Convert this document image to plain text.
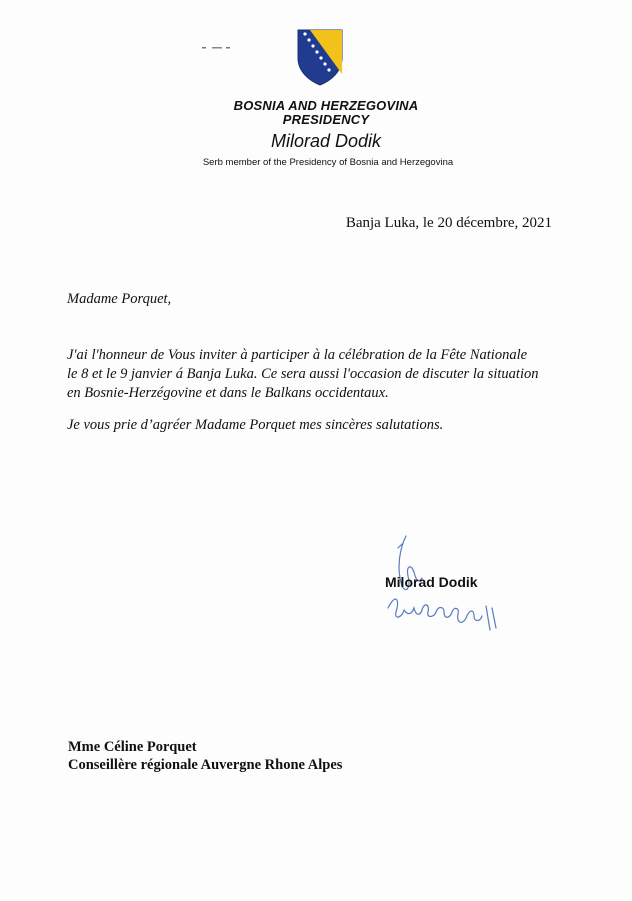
BOSNIA AND HERZEGOVINA
PRESIDENCY
Milorad Dodik
Serb member of the Presidency of Bosnia and Herzegovina
Banja Luka, le 20 décembre, 2021
Madame Porquet,
J'ai l'honneur de Vous inviter à participer à la célébration de la Fête Nationale
le 8 et le 9 janvier á Banja Luka. Ce sera aussi l'occasion de discuter la situation
en Bosnie-Herzégovine et dans le Balkans occidentaux.
Je vous prie d’agréer Madame Porquet mes sincères salutations.
Milorad Dodik
Mme Céline Porquet
Conseillère régionale Auvergne Rhone Alpes
